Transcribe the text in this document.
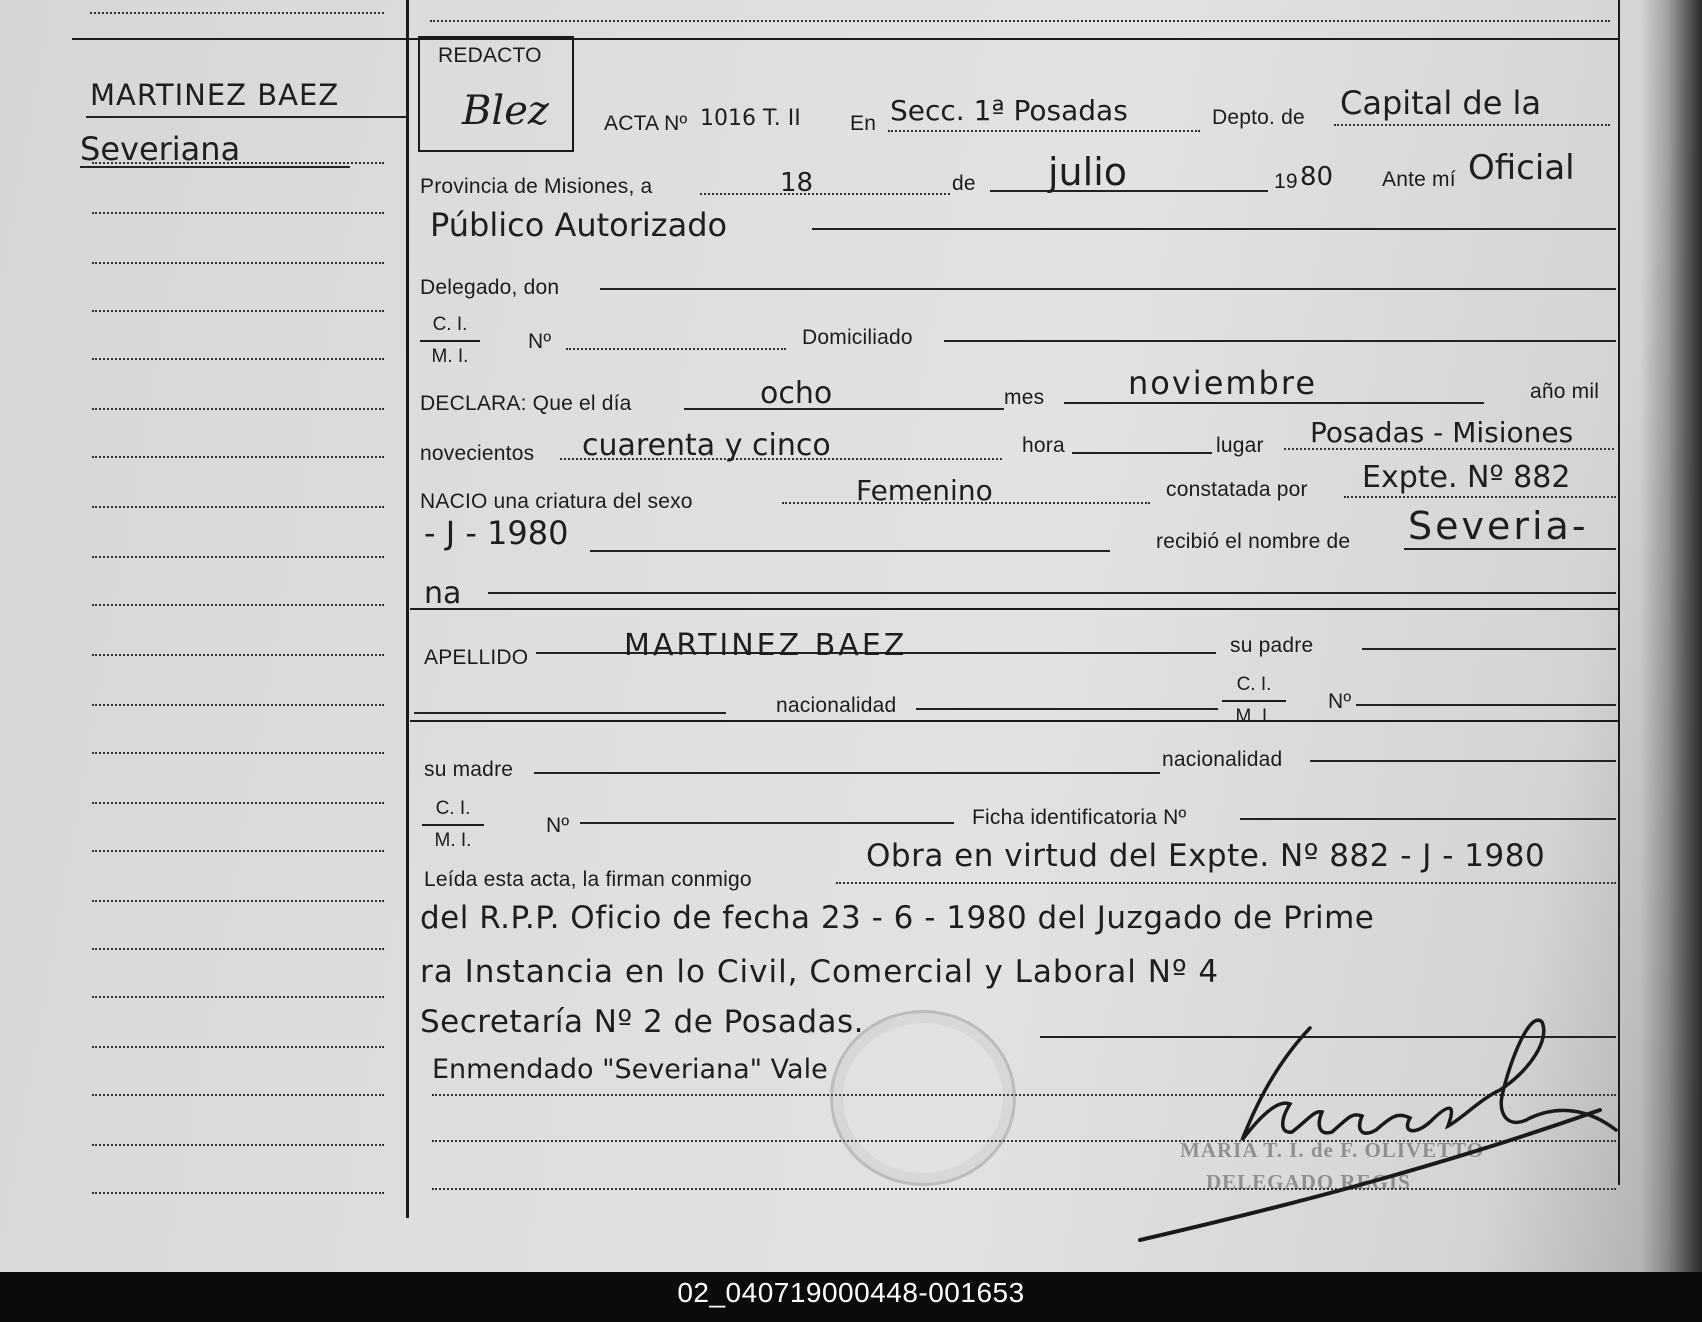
MARTINEZ BAEZ
Severiana
REDACTO
Blez	ACTA Nº 1016 T. II En Secc. 1ª Posadas	Depto. de Capital de la
Provincia de Misiones, a	18	de julio	19 80 Ante mí Oficial
Público Autorizado
Delegado, don
C. I.
M. I.
Nº	Domiciliado
DECLARA: Que el día	ocho	mes	noviembre	año mil
novecientos cuarenta y cinco	hora	lugar Posadas - Misiones
NACIO una criatura del sexo	Femenino	constatada por Expte. Nº 882
- J - 1980	recibió el nombre de Severia-
na
APELLIDO	MARTINEZ BAEZ	su padre
nacionalidad
C. I.
M. I.
Nº
su madre	nacionalidad
C. I.
M. I.
Nº	Ficha identificatoria Nº
Leída esta acta, la firman conmigo
Obra en virtud del Expte. Nº 882 - J - 1980
del R.P.P. Oficio de fecha 23 - 6 - 1980 del Juzgado de Prime
ra Instancia en lo Civil, Comercial y Laboral Nº 4
Secretaría Nº 2 de Posadas.
Enmendado "Severiana" Vale
MARIA T. I. de F. OLIVETTO
DELEGADO REGIS
02_040719000448-001653
